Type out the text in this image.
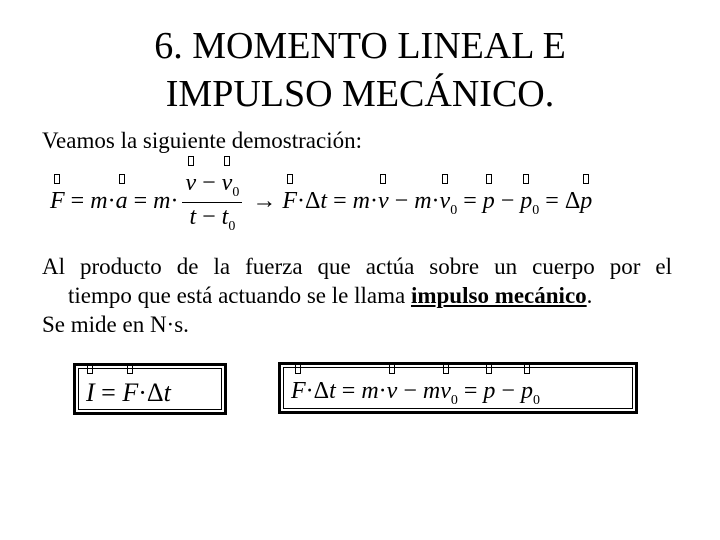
6. MOMENTO LINEAL E
IMPULSO MECÁNICO.
Veamos la siguiente demostración:
F = m·a = m· v − v
$_0$
$t - t_0 \to F$
·Δt = m·v − m·v
$_0$ = p − p
$_0$ = Δp

Al producto de la fuerza que actúa sobre un cuerpo por el

tiempo que está actuando se le llama impulso mecánico.

Se mide en N·s.

I = F
·Δt	F
·Δt = m·v − mv
$_0$ = p − p
$_0$
